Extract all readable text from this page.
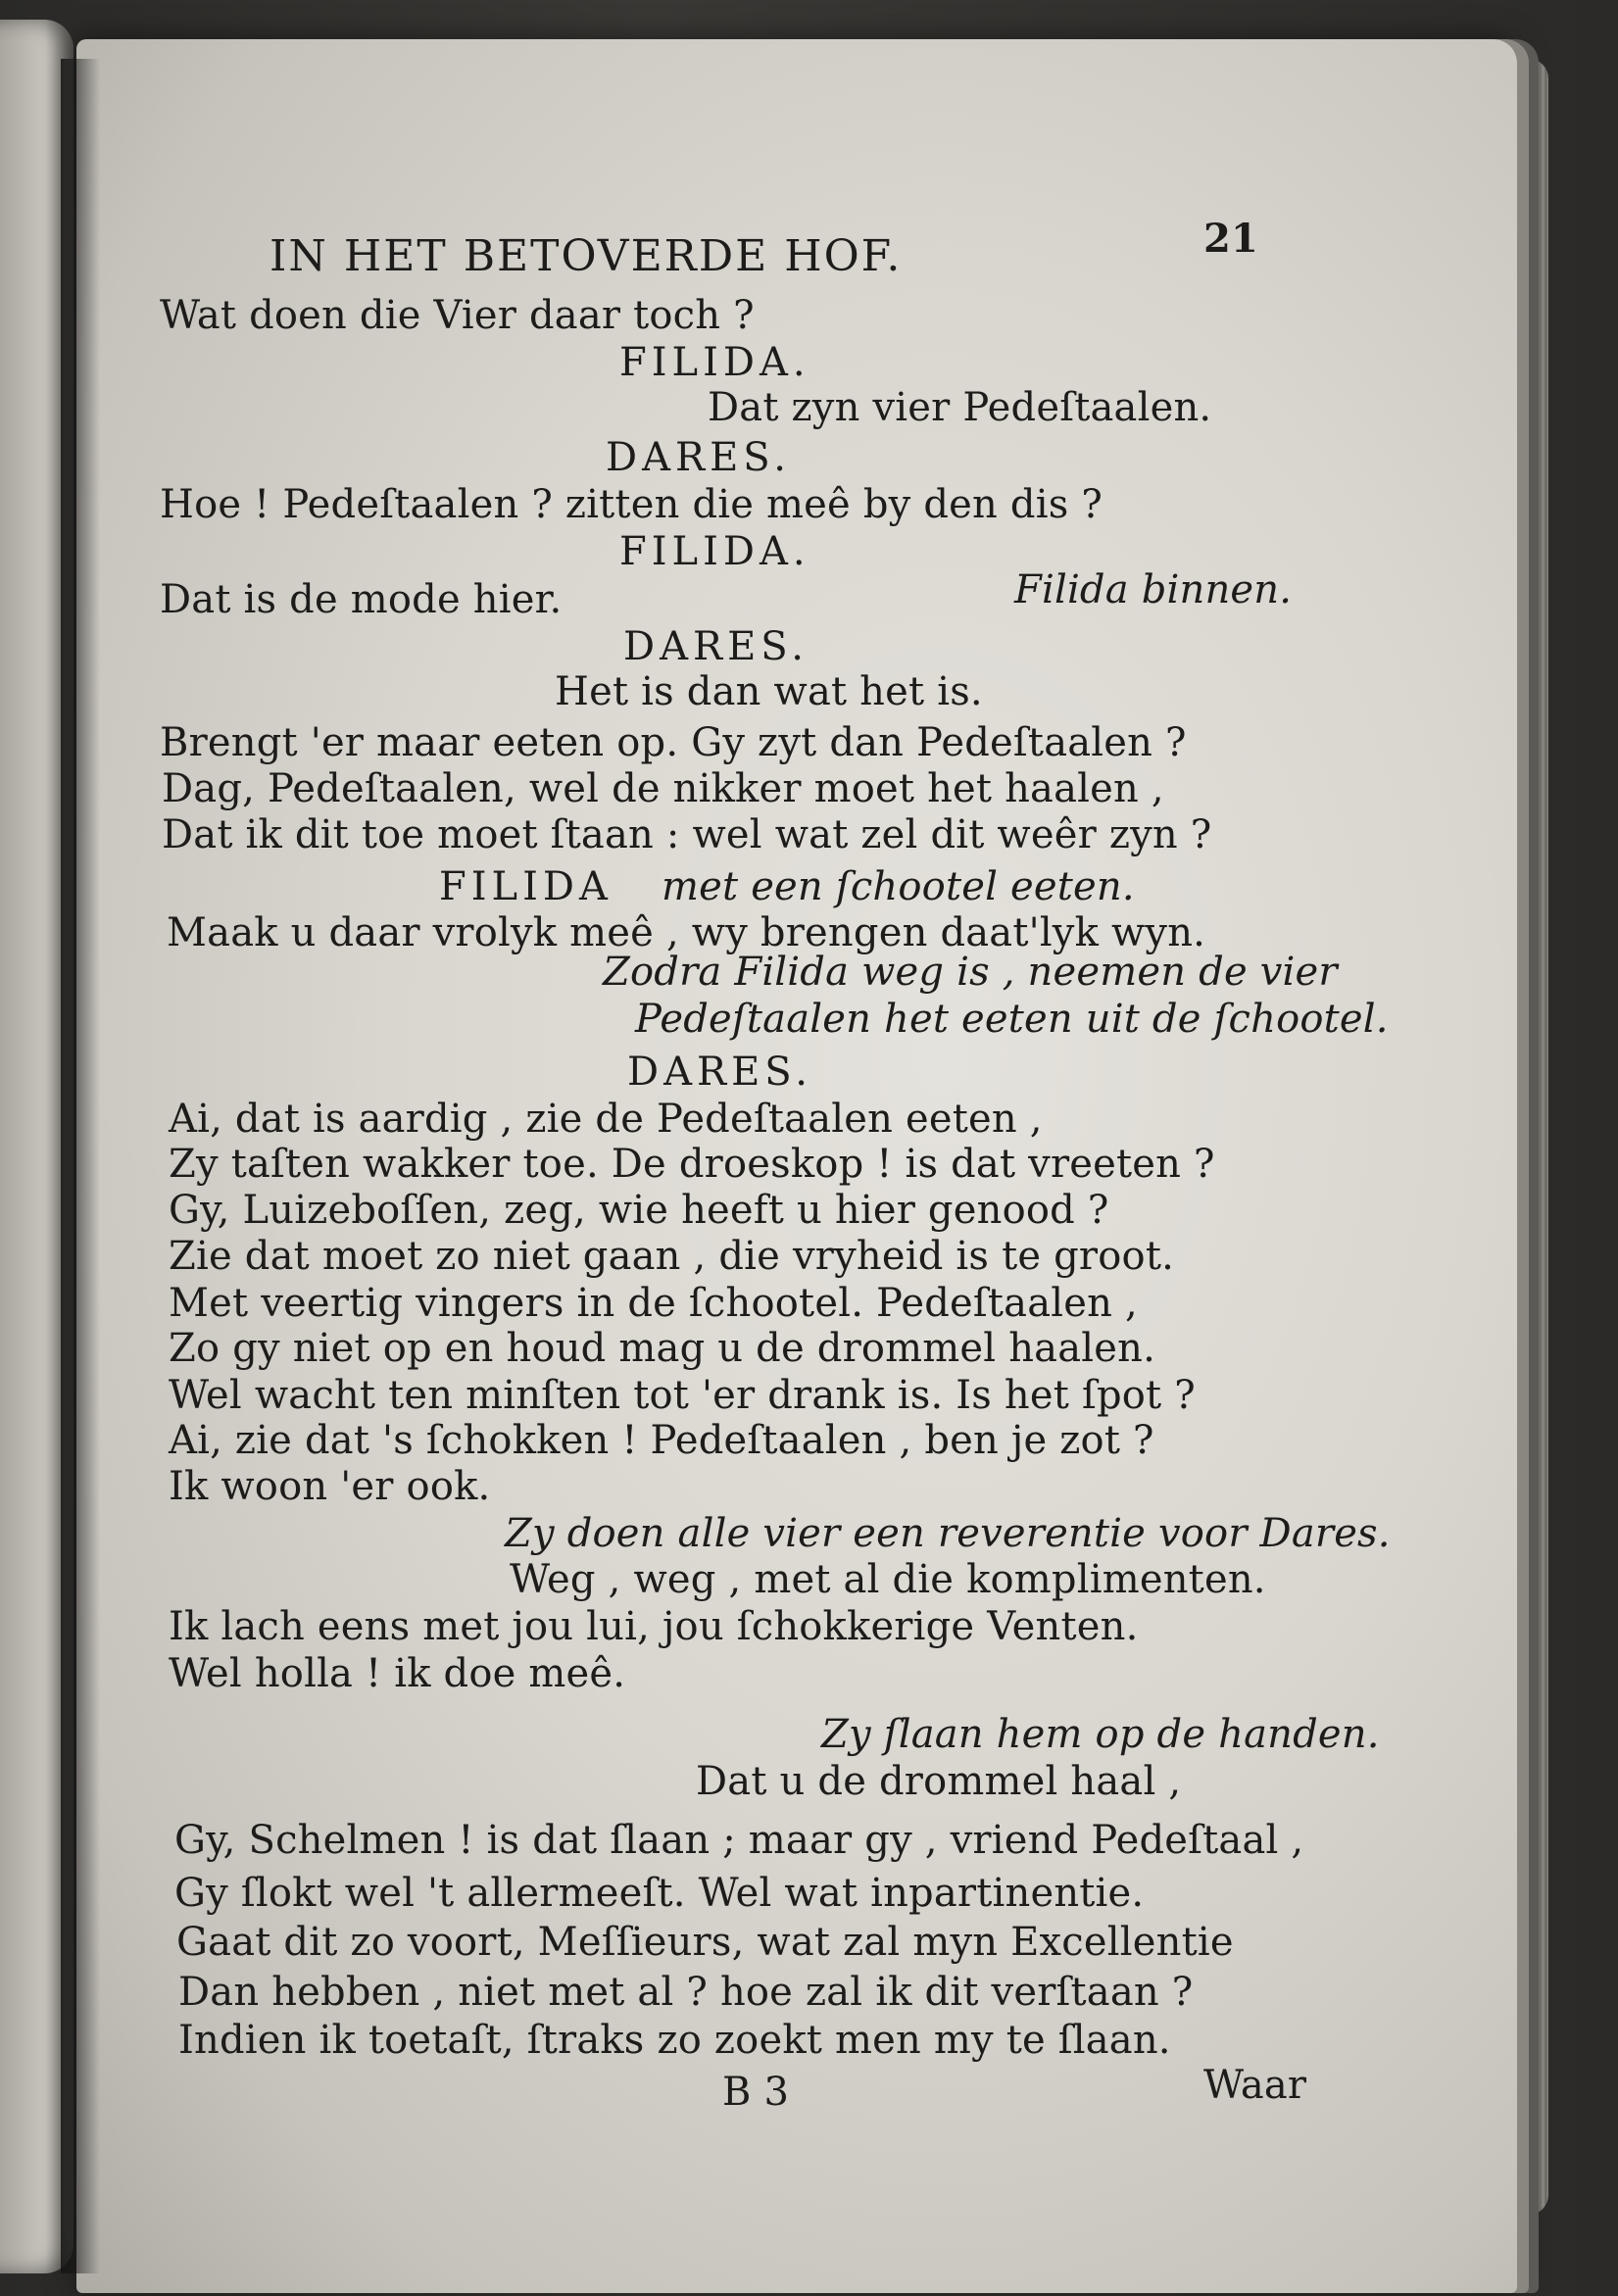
IN HET BETOVERDE HOF.	21
Wat doen die Vier daar toch ?
FILIDA.
Dat zyn vier Pedeſtaalen.
DARES.
Hoe ! Pedeſtaalen ? zitten die meê by den dis ?
FILIDA.
Dat is de mode hier.	Filida binnen.
DARES.
Het is dan wat het is.
Brengt 'er maar eeten op. Gy zyt dan Pedeſtaalen ?
Dag, Pedeſtaalen, wel de nikker moet het haalen ,
Dat ik dit toe moet ſtaan : wel wat zel dit weêr zyn ?
FILIDA met een ſchootel eeten.
Maak u daar vrolyk meê , wy brengen daat'lyk wyn.
Zodra Filida weg is , neemen de vier
Pedeſtaalen het eeten uit de ſchootel.
DARES.
Ai, dat is aardig , zie de Pedeſtaalen eeten ,
Zy taſten wakker toe. De droeskop ! is dat vreeten ?
Gy, Luizeboſſen, zeg, wie heeft u hier genood ?
Zie dat moet zo niet gaan , die vryheid is te groot.
Met veertig vingers in de ſchootel. Pedeſtaalen ,
Zo gy niet op en houd mag u de drommel haalen.
Wel wacht ten minſten tot 'er drank is. Is het ſpot ?
Ai, zie dat 's ſchokken ! Pedeſtaalen , ben je zot ?
Ik woon 'er ook.
Zy doen alle vier een reverentie voor Dares.
Weg , weg , met al die komplimenten.
Ik lach eens met jou lui, jou ſchokkerige Venten.
Wel holla ! ik doe meê.
Zy ſlaan hem op de handen.
Dat u de drommel haal ,
Gy, Schelmen ! is dat ſlaan ; maar gy , vriend Pedeſtaal ,
Gy ſlokt wel 't allermeeſt. Wel wat inpartinentie.
Gaat dit zo voort, Meſſieurs, wat zal myn Excellentie
Dan hebben , niet met al ? hoe zal ik dit verſtaan ?
Indien ik toetaſt, ſtraks zo zoekt men my te ſlaan.
B 3	Waar
